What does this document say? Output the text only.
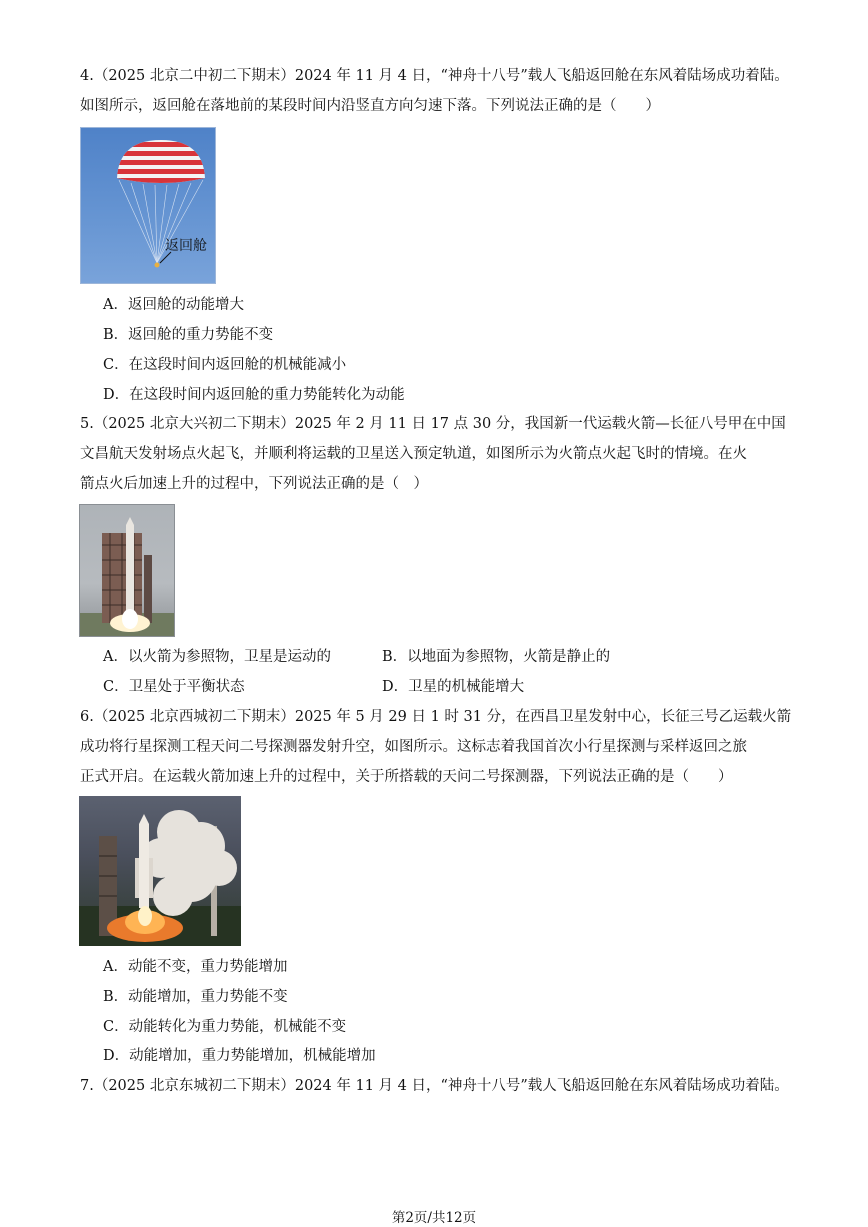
4.（2025 北京二中初二下期末）2024 年 11 月 4 日，“神舟十八号”载人飞船返回舱在东风着陆场成功着陆。
如图所示，返回舱在落地前的某段时间内沿竖直方向匀速下落。下列说法正确的是（　　）
返回舱
A．返回舱的动能增大
B．返回舱的重力势能不变
C．在这段时间内返回舱的机械能减小
D．在这段时间内返回舱的重力势能转化为动能
5.（2025 北京大兴初二下期末）2025 年 2 月 11 日 17 点 30 分，我国新一代运载火箭—长征八号甲在中国
文昌航天发射场点火起飞，并顺利将运载的卫星送入预定轨道，如图所示为火箭点火起飞时的情境。在火
箭点火后加速上升的过程中，下列说法正确的是（　）
A．以火箭为参照物，卫星是运动的	B．以地面为参照物，火箭是静止的
C．卫星处于平衡状态	D．卫星的机械能增大
6.（2025 北京西城初二下期末）2025 年 5 月 29 日 1 时 31 分，在西昌卫星发射中心，长征三号乙运载火箭
成功将行星探测工程天问二号探测器发射升空，如图所示。这标志着我国首次小行星探测与采样返回之旅
正式开启。在运载火箭加速上升的过程中，关于所搭载的天问二号探测器，下列说法正确的是（　　）
A．动能不变，重力势能增加
B．动能增加，重力势能不变
C．动能转化为重力势能，机械能不变
D．动能增加，重力势能增加，机械能增加
7.（2025 北京东城初二下期末）2024 年 11 月 4 日，“神舟十八号”载人飞船返回舱在东风着陆场成功着陆。
第2页/共12页
